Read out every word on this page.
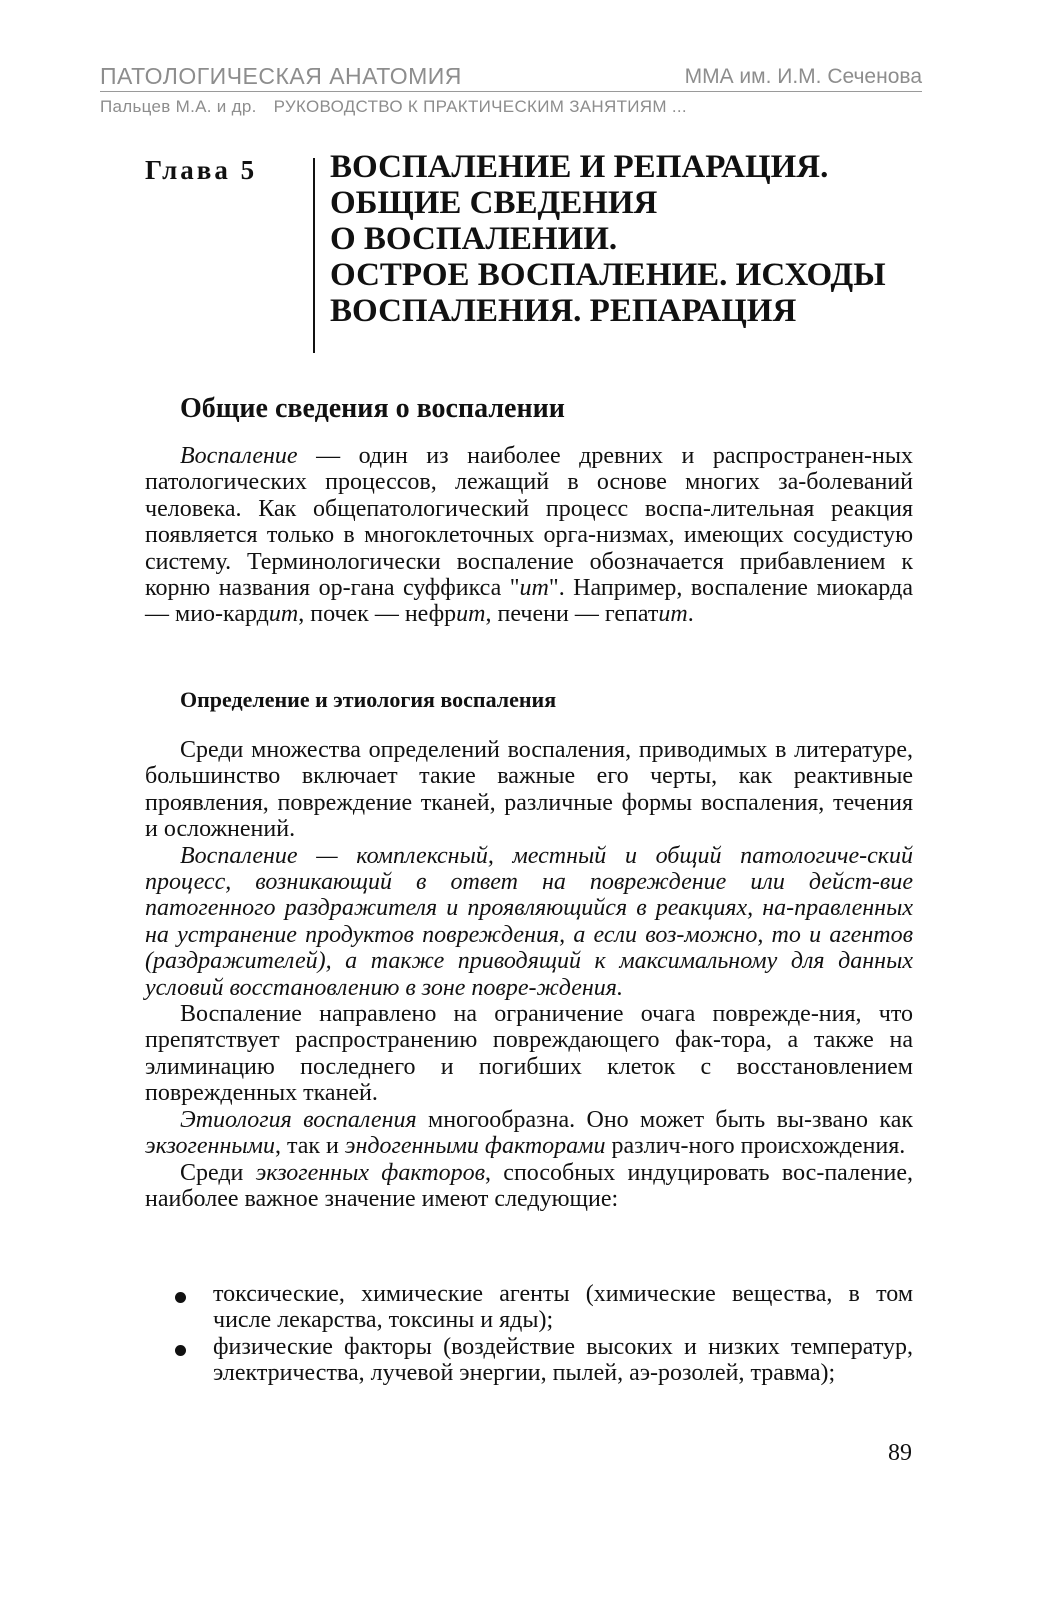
ПАТОЛОГИЧЕСКАЯ АНАТОМИЯ	ММА им. И.М. Сеченова
Пальцев М.А. и др. РУКОВОДСТВО К ПРАКТИЧЕСКИМ ЗАНЯТИЯМ ...
Глава 5 ВОСПАЛЕНИЕ И РЕПАРАЦИЯ.
ОБЩИЕ СВЕДЕНИЯ
О ВОСПАЛЕНИИ.
ОСТРОЕ ВОСПАЛЕНИЕ. ИСХОДЫ
ВОСПАЛЕНИЯ. РЕПАРАЦИЯ
Общие сведения о воспалении

Воспаление — один из наиболее древних и распространен-ных патологических процессов, лежащий в основе многих за-болеваний человека. Как общепатологический процесс воспа-лительная реакция появляется только в многоклеточных орга-низмах, имеющих сосудистую систему. Терминологически воспаление обозначается прибавлением к корню названия ор-гана суффикса "ит". Например, воспаление миокарда — мио-кардит, почек — нефрит, печени — гепатит.

Определение и этиология воспаления

Среди множества определений воспаления, приводимых в литературе, большинство включает такие важные его черты, как реактивные проявления, повреждение тканей, различные формы воспаления, течения и осложнений.

Воспаление — комплексный, местный и общий патологиче-ский процесс, возникающий в ответ на повреждение или дейст-вие патогенного раздражителя и проявляющийся в реакциях, на-правленных на устранение продуктов повреждения, а если воз-можно, то и агентов (раздражителей), а также приводящий к максимальному для данных условий восстановлению в зоне повре-ждения.

Воспаление направлено на ограничение очага поврежде-ния, что препятствует распространению повреждающего фак-тора, а также на элиминацию последнего и погибших клеток с восстановлением поврежденных тканей.

Этиология воспаления многообразна. Оно может быть вы-звано как экзогенными, так и эндогенными факторами различ-ного происхождения.

Среди экзогенных факторов, способных индуцировать вос-паление, наиболее важное значение имеют следующие:

токсические, химические агенты (химические вещества, в том числе лекарства, токсины и яды);
физические факторы (воздействие высоких и низких температур, электричества, лучевой энергии, пылей, аэ-розолей, травма);
89
